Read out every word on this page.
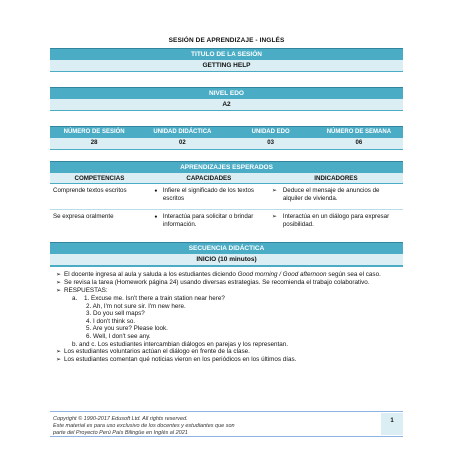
SESIÓN DE APRENDIZAJE - INGLÉS
TITULO DE LA SESIÓN
GETTING HELP
NIVEL EDO
A2
NÚMERO DE SESIÓN	UNIDAD DIDÁCTICA	UNIDAD EDO	NÚMERO DE SEMANA
28	02	03	06
APRENDIZAJES ESPERADOS
COMPETENCIAS	CAPACIDADES	INDICADORES
Comprende textos escritos	● Infiere el significado de los textos escritos	➢ Deduce el mensaje de anuncios de alquiler de vivienda.

Se expresa oralmente	● Interactúa para solicitar o brindar información.	➢ Interactúa en un diálogo para expresar posibilidad.
SECUENCIA DIDÁCTICA
INICIO (10 minutos)
➢ El docente ingresa al aula y saluda a los estudiantes diciendo Good morning / Good afternoon según sea el caso.
➢ Se revisa la tarea (Homework página 24) usando diversas estrategias. Se recomienda el trabajo colaborativo.
➢ RESPUESTAS:
a.	1. Excuse me. Isn't there a train station near here?
2. Ah, I'm not sure sir. I'm new here.
3. Do you sell maps?
4. I don't think so.
5. Are you sure? Please look.
6. Well, I don't see any.
b. and c. Los estudiantes intercambian diálogos en parejas y los representan.
➢ Los estudiantes voluntarios actúan el diálogo en frente de la clase.
➢ Los estudiantes comentan qué noticias vieron en los periódicos en los últimos días.
Copyright © 1990-2017 Edusoft Ltd. All rights reserved.
Este material es para uso exclusivo de los docentes y estudiantes que son
parte del Proyecto Perú País Bilingüe en Inglés al 2021
1
